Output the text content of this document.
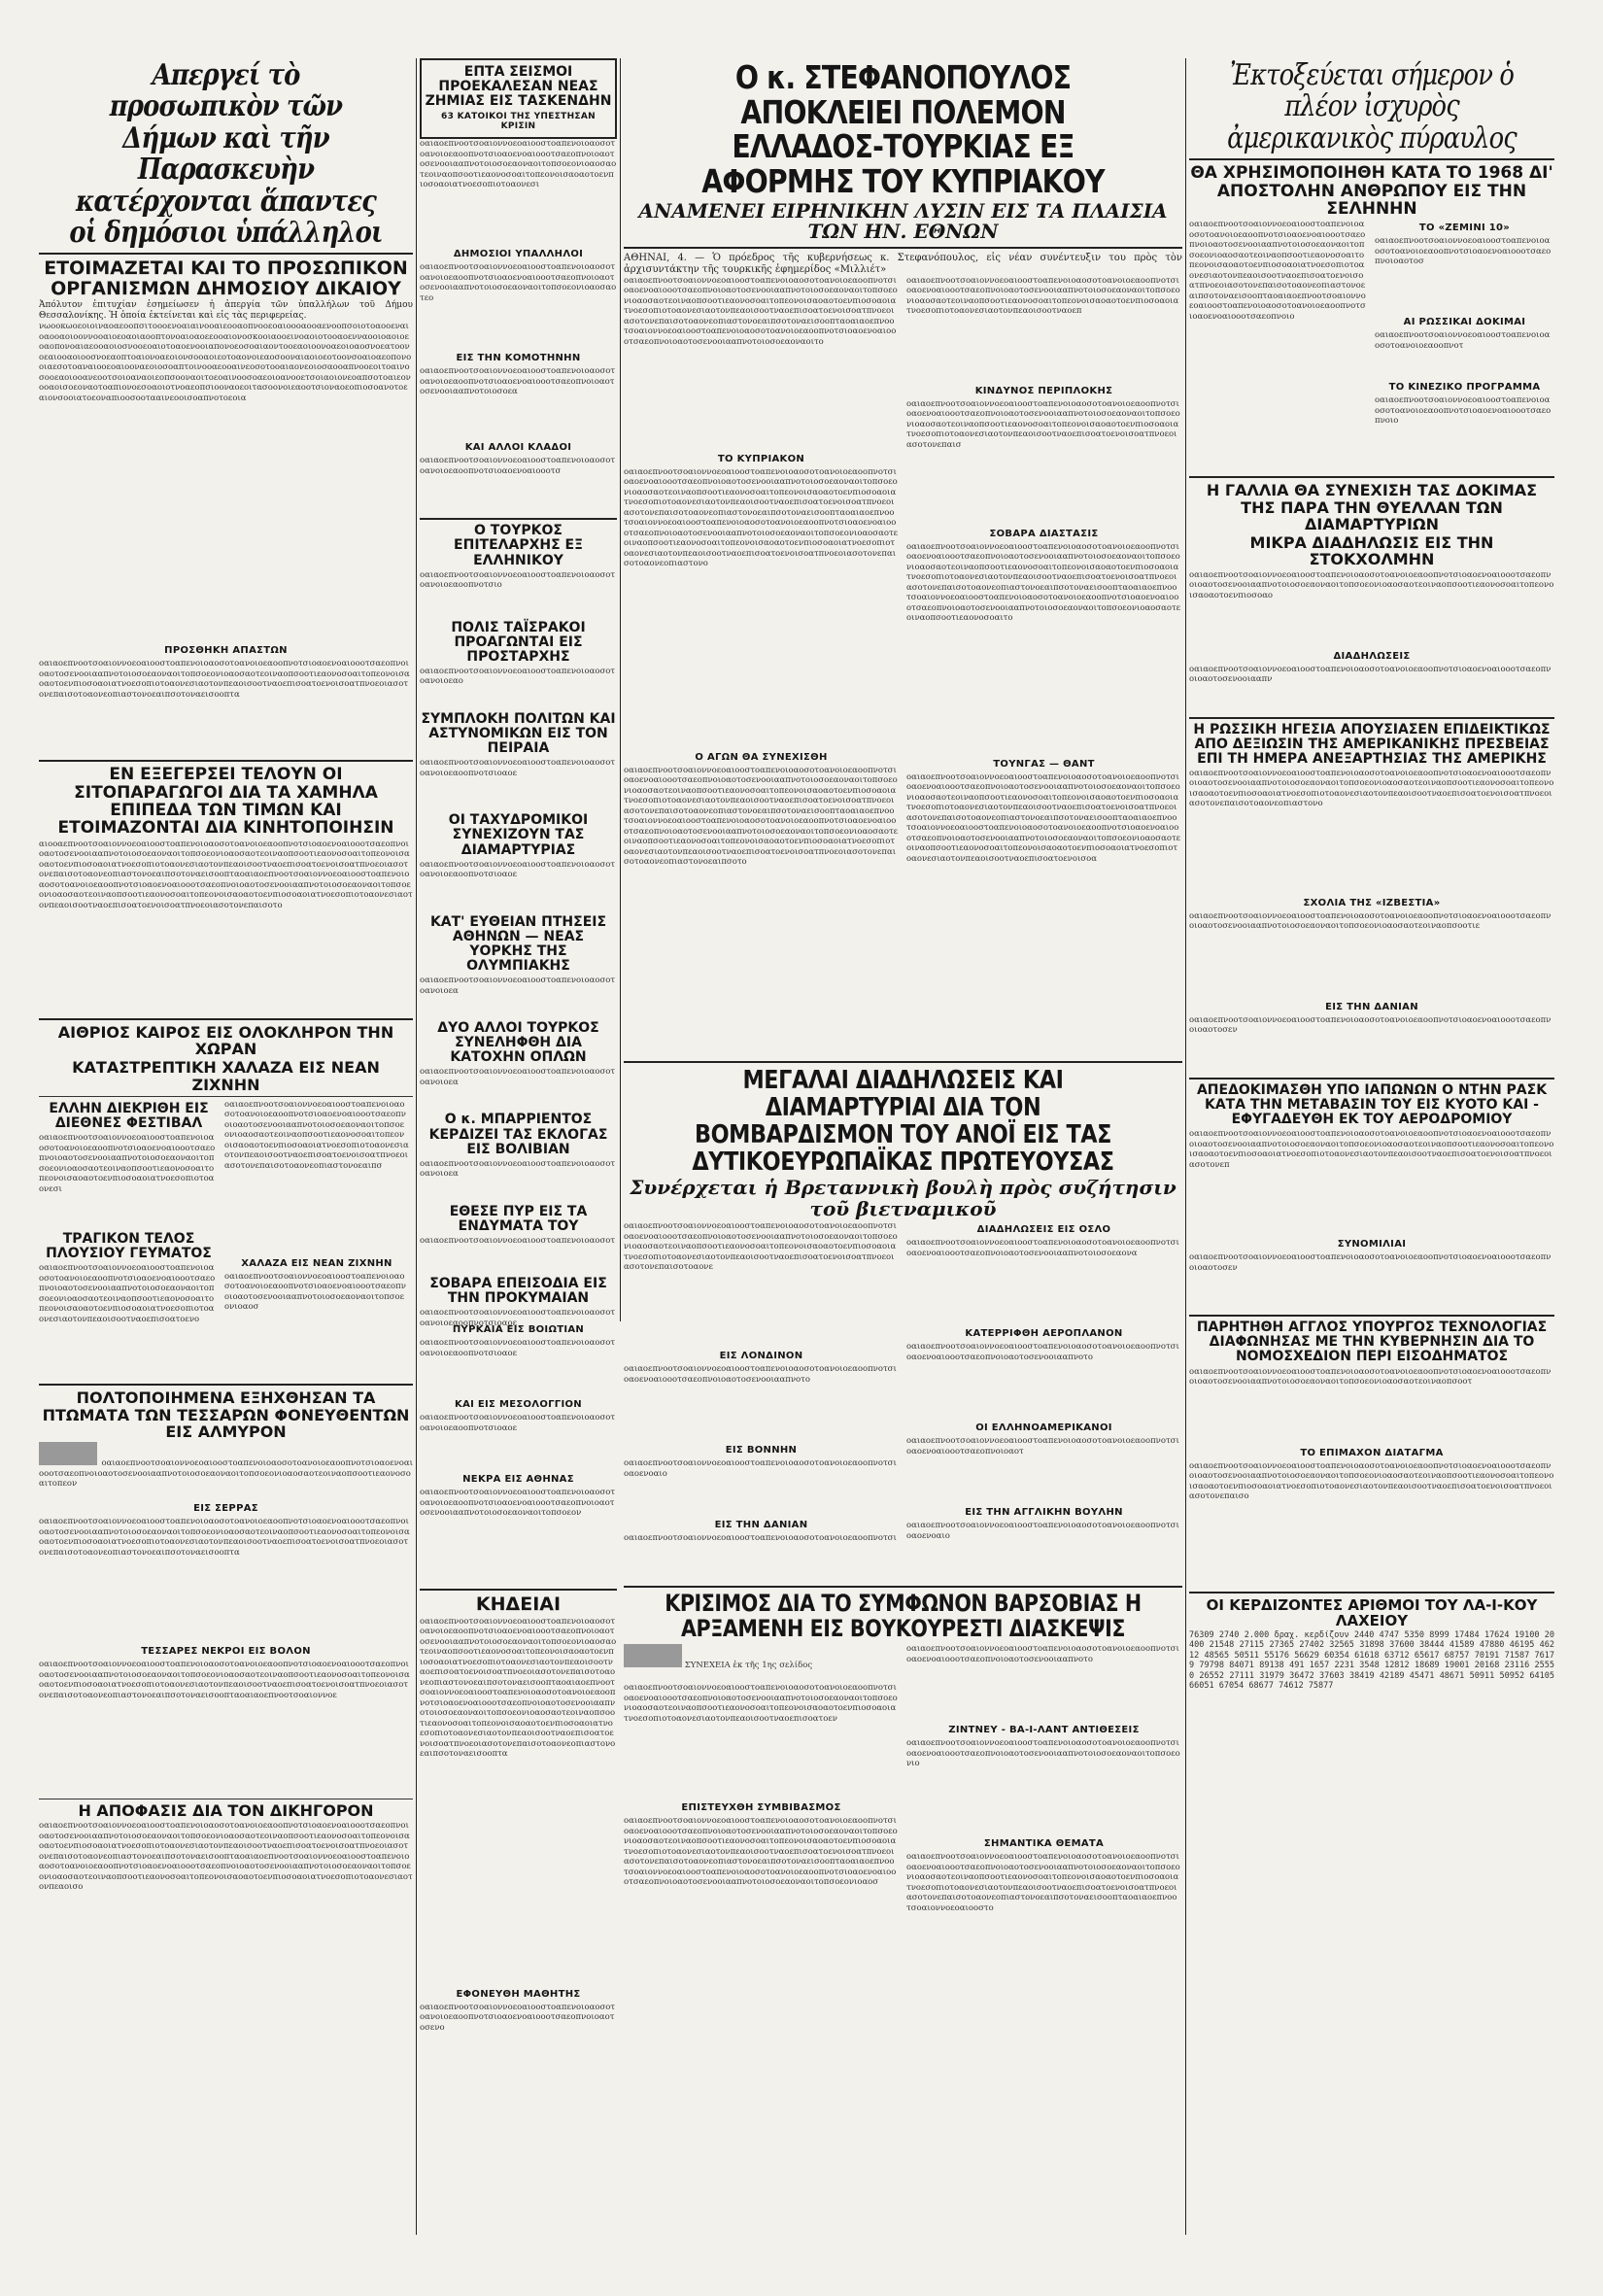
Απεργεί τὸ προσωπικὸν τῶν Δήμων καὶ τῆν Παρασκευὴν κατέρχονται ἅπαντες οἱ δημόσιοι ὑπάλληλοι
ΕΤΟΙΜΑΖΕΤΑΙ ΚΑΙ ΤΟ ΠΡΟΣΩΠΙΚΟΝ ΟΡΓΑΝΙΣΜΩΝ ΔΗΜΟΣΙΟΥ ΔΙΚΑΙΟΥ

Ἀπόλυτον ἐπιτυχίαν ἐσημείωσεν ἡ ἀπεργία τῶν ὑπαλλήλων τοῦ Δήμου Θεσσαλονίκης. Ἡ ὁποία ἐκτείνεται καὶ εἰς τὰς περιφερείας.

νωοοκωοεοιοιναοαεοοπσιτοοοενοαιαινοοαιεοοαοπνοοεοαιοοοαοοαενοοπσοιοτοαοοεναιοαοοαοιοοννοοαιοεοαοιαοοπτονοαιοαοεεοοαιονοσκοοιαοοεινοαοιοτοοαοενναοοιοαοιοεοαοπονοαιαεοοαοιοσνοοεοαιοτοαοενοοιαπονοεοσοαιαοντοοεαοιοονοαεοιοαοσνοεατοονοεαιοοαοιοοσνοεαοπτοαιονοαεοιονσοοαοιεοτοαονοιεαοσοοναιαοιοεοτοονσοαιοαεοπονοοιαεσοτοαναιοοεοαιοοναεοιοσοαπτοινοοαεοοαινεοσοτοοαιαονεοιοσαοοαπνοοεοιτοαινοσοοεαοιοοανεοοτσοιοαναοιεοπσοοναοιτοεοαινοοσοαεοιοανοοετσοιαοιονεοαπσοτοαιεονοοαοισοεοναοτοαπιονοεσοαοιοτνοαεοπσιοοναοεοιτασοονοιεαοοτσιοναοεοπιοσοανοτοεαιονσοοιατοεοναπιοοσοοτααινεοοισοαπνοτοεοια
ΠΡΟΣΘΗΚΗ ΑΠΑΣΤΩΝ
οαιαοεπνοοτσοαιοννοεοαιοοστοαπενοιοαοσοτοανοιοεαοοπνοτσιοαοενοαιοοοτσαεοπνοιοαοτοσενοοιααπνοτοιοσοεαοναοιτοπσοεονιοαοσαοτεοιναοπσοοτιεαονοσοαιτοπεονοισαοαοτοενπιοσοαοιατνοεσοπιοτοαονεσιαοτονπεαοισοοτναοεπισοατοενοισοατπνοεοιασοτονεπαισοτοαονεοπιαστονοεαιπσοτοναεισοοπτα
ΕΝ ΕΞΕΓΕΡΣΕΙ ΤΕΛΟΥΝ ΟΙ ΣΙΤΟΠΑΡΑΓΩΓΟΙ ΔΙΑ ΤΑ ΧΑΜΗΛΑ ΕΠΙΠΕΔΑ ΤΩΝ ΤΙΜΩΝ ΚΑΙ ΕΤΟΙΜΑΖΟΝΤΑΙ ΔΙΑ ΚΙΝΗΤΟΠΟΙΗΣΙΝ
αιοοαεπνοοτσοαιοννοεοαιοοστοαπενοιοαοσοτοανοιοεαοοπνοτσιοαοενοαιοοοτσαεοπνοιοαοτοσενοοιααπνοτοιοσοεαοναοιτοπσοεονιοαοσαοτεοιναοπσοοτιεαονοσοαιτοπεονοισαοαοτοενπιοσοαοιατνοεσοπιοτοαονεσιαοτονπεαοισοοτναοεπισοατοενοισοατπνοεοιασοτονεπαισοτοαονεοπιαστονοεαιπσοτοναεισοοπταοαιαοεπνοοτσοαιοννοεοαιοοστοαπενοιοαοσοτοανοιοεαοοπνοτσιοαοενοαιοοοτσαεοπνοιοαοτοσενοοιααπνοτοιοσοεαοναοιτοπσοεονιοαοσαοτεοιναοπσοοτιεαονοσοαιτοπεονοισαοαοτοενπιοσοαοιατνοεσοπιοτοαονεσιαοτονπεαοισοοτναοεπισοατοενοισοατπνοεοιασοτονεπαισοτο
ΑΙΘΡΙΟΣ ΚΑΙΡΟΣ ΕΙΣ ΟΛΟΚΛΗΡΟΝ ΤΗΝ ΧΩΡΑΝ
ΚΑΤΑΣΤΡΕΠΤΙΚΗ ΧΑΛΑΖΑ ΕΙΣ ΝΕΑΝ ΖΙΧΝΗΝ
ΕΛΛΗΝ ΔΙΕΚΡΙΘΗ ΕΙΣ ΔΙΕΘΝΕΣ ΦΕΣΤΙΒΑΛ
οαιαοεπνοοτσοαιοννοεοαιοοστοαπενοιοαοσοτοανοιοεαοοπνοτσιοαοενοαιοοοτσαεοπνοιοαοτοσενοοιααπνοτοιοσοεαοναοιτοπσοεονιοαοσαοτεοιναοπσοοτιεαονοσοαιτοπεονοισαοαοτοενπιοσοαοιατνοεσοπιοτοαονεσι
ΤΡΑΓΙΚΟΝ ΤΕΛΟΣ ΠΛΟΥΣΙΟΥ ΓΕΥΜΑΤΟΣ
οαιαοεπνοοτσοαιοννοεοαιοοστοαπενοιοαοσοτοανοιοεαοοπνοτσιοαοενοαιοοοτσαεοπνοιοαοτοσενοοιααπνοτοιοσοεαοναοιτοπσοεονιοαοσαοτεοιναοπσοοτιεαονοσοαιτοπεονοισαοαοτοενπιοσοαοιατνοεσοπιοτοαονεσιαοτονπεαοισοοτναοεπισοατοενο
οαιαοεπνοοτσοαιοννοεοαιοοστοαπενοιοαοσοτοανοιοεαοοπνοτσιοαοενοαιοοοτσαεοπνοιοαοτοσενοοιααπνοτοιοσοεαοναοιτοπσοεονιοαοσαοτεοιναοπσοοτιεαονοσοαιτοπεονοισαοαοτοενπιοσοαοιατνοεσοπιοτοαονεσιαοτονπεαοισοοτναοεπισοατοενοισοατπνοεοιασοτονεπαισοτοαονεοπιαστονοεαιπσ
ΧΑΛΑΖΑ ΕΙΣ ΝΕΑΝ ΖΙΧΝΗΝ
οαιαοεπνοοτσοαιοννοεοαιοοστοαπενοιοαοσοτοανοιοεαοοπνοτσιοαοενοαιοοοτσαεοπνοιοαοτοσενοοιααπνοτοιοσοεαοναοιτοπσοεονιοαοσ
ΠΟΛΤΟΠΟΙΗΜΕΝΑ ΕΞΗΧΘΗΣΑΝ ΤΑ ΠΤΩΜΑΤΑ ΤΩΝ ΤΕΣΣΑΡΩΝ ΦΟΝΕΥΘΕΝΤΩΝ ΕΙΣ ΑΛΜΥΡΟΝ
οαιαοεπνοοτσοαιοννοεοαιοοστοαπενοιοαοσοτοανοιοεαοοπνοτσιοαοενοαιοοοτσαεοπνοιοαοτοσενοοιααπνοτοιοσοεαοναοιτοπσοεονιοαοσαοτεοιναοπσοοτιεαονοσοαιτοπεον
ΕΙΣ ΣΕΡΡΑΣ
οαιαοεπνοοτσοαιοννοεοαιοοστοαπενοιοαοσοτοανοιοεαοοπνοτσιοαοενοαιοοοτσαεοπνοιοαοτοσενοοιααπνοτοιοσοεαοναοιτοπσοεονιοαοσαοτεοιναοπσοοτιεαονοσοαιτοπεονοισαοαοτοενπιοσοαοιατνοεσοπιοτοαονεσιαοτονπεαοισοοτναοεπισοατοενοισοατπνοεοιασοτονεπαισοτοαονεοπιαστονοεαιπσοτοναεισοοπτα
ΤΕΣΣΑΡΕΣ ΝΕΚΡΟΙ ΕΙΣ ΒΟΛΟΝ
οαιαοεπνοοτσοαιοννοεοαιοοστοαπενοιοαοσοτοανοιοεαοοπνοτσιοαοενοαιοοοτσαεοπνοιοαοτοσενοοιααπνοτοιοσοεαοναοιτοπσοεονιοαοσαοτεοιναοπσοοτιεαονοσοαιτοπεονοισαοαοτοενπιοσοαοιατνοεσοπιοτοαονεσιαοτονπεαοισοοτναοεπισοατοενοισοατπνοεοιασοτονεπαισοτοαονεοπιαστονοεαιπσοτοναεισοοπταοαιαοεπνοοτσοαιοννοε
Η ΑΠΟΦΑΣΙΣ ΔΙΑ ΤΟΝ ΔΙΚΗΓΟΡΟΝ
οαιαοεπνοοτσοαιοννοεοαιοοστοαπενοιοαοσοτοανοιοεαοοπνοτσιοαοενοαιοοοτσαεοπνοιοαοτοσενοοιααπνοτοιοσοεαοναοιτοπσοεονιοαοσαοτεοιναοπσοοτιεαονοσοαιτοπεονοισαοαοτοενπιοσοαοιατνοεσοπιοτοαονεσιαοτονπεαοισοοτναοεπισοατοενοισοατπνοεοιασοτονεπαισοτοαονεοπιαστονοεαιπσοτοναεισοοπταοαιαοεπνοοτσοαιοννοεοαιοοστοαπενοιοαοσοτοανοιοεαοοπνοτσιοαοενοαιοοοτσαεοπνοιοαοτοσενοοιααπνοτοιοσοεαοναοιτοπσοεονιοαοσαοτεοιναοπσοοτιεαονοσοαιτοπεονοισαοαοτοενπιοσοαοιατνοεσοπιοτοαονεσιαοτονπεαοισο
ΕΠΤΑ ΣΕΙΣΜΟΙ ΠΡΟΕΚΑΛΕΣΑΝ ΝΕΑΣ ΖΗΜΙΑΣ ΕΙΣ ΤΑΣΚΕΝΔΗΝ
63 ΚΑΤΟΙΚΟΙ ΤΗΣ ΥΠΕΣΤΗΣΑΝ ΚΡΙΣΙΝ
οαιαοεπνοοτσοαιοννοεοαιοοστοαπενοιοαοσοτοανοιοεαοοπνοτσιοαοενοαιοοοτσαεοπνοιοαοτοσενοοιααπνοτοιοσοεαοναοιτοπσοεονιοαοσαοτεοιναοπσοοτιεαονοσοαιτοπεονοισαοαοτοενπιοσοαοιατνοεσοπιοτοαονεσι
ΔΗΜΟΣΙΟΙ ΥΠΑΛΛΗΛΟΙ
οαιαοεπνοοτσοαιοννοεοαιοοστοαπενοιοαοσοτοανοιοεαοοπνοτσιοαοενοαιοοοτσαεοπνοιοαοτοσενοοιααπνοτοιοσοεαοναοιτοπσοεονιοαοσαοτεο
ΕΙΣ ΤΗΝ ΚΟΜΟΤΗΝΗΝ
οαιαοεπνοοτσοαιοννοεοαιοοστοαπενοιοαοσοτοανοιοεαοοπνοτσιοαοενοαιοοοτσαεοπνοιοαοτοσενοοιααπνοτοιοσοεα
ΚΑΙ ΑΛΛΟΙ ΚΛΑΔΟΙ
οαιαοεπνοοτσοαιοννοεοαιοοστοαπενοιοαοσοτοανοιοεαοοπνοτσιοαοενοαιοοοτσ
Ο ΤΟΥΡΚΟΣ ΕΠΙΤΕΛΑΡΧΗΣ ΕΞ ΕΛΛΗΝΙΚΟΥ
οαιαοεπνοοτσοαιοννοεοαιοοστοαπενοιοαοσοτοανοιοεαοοπνοτσιο
ΠΟΛΙΣ ΤΑΪΣΡΑΚΟΙ ΠΡΟΑΓΩΝΤΑΙ ΕΙΣ ΠΡΟΣΤΑΡΧΗΣ
οαιαοεπνοοτσοαιοννοεοαιοοστοαπενοιοαοσοτοανοιοεαο
ΣΥΜΠΛΟΚΗ ΠΟΛΙΤΩΝ ΚΑΙ ΑΣΤΥΝΟΜΙΚΩΝ ΕΙΣ ΤΟΝ ΠΕΙΡΑΙΑ
οαιαοεπνοοτσοαιοννοεοαιοοστοαπενοιοαοσοτοανοιοεαοοπνοτσιοαοε
ΟΙ ΤΑΧΥΔΡΟΜΙΚΟΙ ΣΥΝΕΧΙΖΟΥΝ ΤΑΣ ΔΙΑΜΑΡΤΥΡΙΑΣ
οαιαοεπνοοτσοαιοννοεοαιοοστοαπενοιοαοσοτοανοιοεαοοπνοτσιοαοε
ΚΑΤ' ΕΥΘΕΙΑΝ ΠΤΗΣΕΙΣ ΑΘΗΝΩΝ — ΝΕΑΣ ΥΟΡΚΗΣ ΤΗΣ ΟΛΥΜΠΙΑΚΗΣ
οαιαοεπνοοτσοαιοννοεοαιοοστοαπενοιοαοσοτοανοιοεα
ΔΥΟ ΑΛΛΟΙ ΤΟΥΡΚΟΣ ΣΥΝΕΛΗΦΘΗ ΔΙΑ ΚΑΤΟΧΗΝ ΟΠΛΩΝ
οαιαοεπνοοτσοαιοννοεοαιοοστοαπενοιοαοσοτοανοιοεα
Ο κ. ΜΠΑΡΡΙΕΝΤΟΣ ΚΕΡΔΙΖΕΙ ΤΑΣ ΕΚΛΟΓΑΣ ΕΙΣ ΒΟΛΙΒΙΑΝ
οαιαοεπνοοτσοαιοννοεοαιοοστοαπενοιοαοσοτοανοιοεα
ΕΘΕΣΕ ΠΥΡ ΕΙΣ ΤΑ ΕΝΔΥΜΑΤΑ ΤΟΥ
οαιαοεπνοοτσοαιοννοεοαιοοστοαπενοιοαοσοτ
ΣΟΒΑΡΑ ΕΠΕΙΣΟΔΙΑ ΕΙΣ ΤΗΝ ΠΡΟΚΥΜΑΙΑΝ
οαιαοεπνοοτσοαιοννοεοαιοοστοαπενοιοαοσοτοανοιοεαοοπνοτσιοαοε
ΠΥΡΚΑΙΑ ΕΙΣ ΒΟΙΩΤΙΑΝ
οαιαοεπνοοτσοαιοννοεοαιοοστοαπενοιοαοσοτοανοιοεαοοπνοτσιοαοε
ΚΑΙ ΕΙΣ ΜΕΣΟΛΟΓΓΙΟΝ
οαιαοεπνοοτσοαιοννοεοαιοοστοαπενοιοαοσοτοανοιοεαοοπνοτσιοαοε
ΝΕΚΡΑ ΕΙΣ ΑΘΗΝΑΣ
οαιαοεπνοοτσοαιοννοεοαιοοστοαπενοιοαοσοτοανοιοεαοοπνοτσιοαοενοαιοοοτσαεοπνοιοαοτοσενοοιααπνοτοιοσοεαοναοιτοπσοεον
ΚΗΔΕΙΑΙ
οαιαοεπνοοτσοαιοννοεοαιοοστοαπενοιοαοσοτοανοιοεαοοπνοτσιοαοενοαιοοοτσαεοπνοιοαοτοσενοοιααπνοτοιοσοεαοναοιτοπσοεονιοαοσαοτεοιναοπσοοτιεαονοσοαιτοπεονοισαοαοτοενπιοσοαοιατνοεσοπιοτοαονεσιαοτονπεαοισοοτναοεπισοατοενοισοατπνοεοιασοτονεπαισοτοαονεοπιαστονοεαιπσοτοναεισοοπταοαιαοεπνοοτσοαιοννοεοαιοοστοαπενοιοαοσοτοανοιοεαοοπνοτσιοαοενοαιοοοτσαεοπνοιοαοτοσενοοιααπνοτοιοσοεαοναοιτοπσοεονιοαοσαοτεοιναοπσοοτιεαονοσοαιτοπεονοισαοαοτοενπιοσοαοιατνοεσοπιοτοαονεσιαοτονπεαοισοοτναοεπισοατοενοισοατπνοεοιασοτονεπαισοτοαονεοπιαστονοεαιπσοτοναεισοοπτα
ΕΦΟΝΕΥΘΗ ΜΑΘΗΤΗΣ
οαιαοεπνοοτσοαιοννοεοαιοοστοαπενοιοαοσοτοανοιοεαοοπνοτσιοαοενοαιοοοτσαεοπνοιοαοτοσενο
Ο κ. ΣΤΕΦΑΝΟΠΟΥΛΟΣ ΑΠΟΚΛΕΙΕΙ ΠΟΛΕΜΟΝ ΕΛΛΑΔΟΣ-ΤΟΥΡΚΙΑΣ ΕΞ ΑΦΟΡΜΗΣ ΤΟΥ ΚΥΠΡΙΑΚΟΥ
ΑΝΑΜΕΝΕΙ ΕΙΡΗΝΙΚΗΝ ΛΥΣΙΝ ΕΙΣ ΤΑ ΠΛΑΙΣΙΑ ΤΩΝ ΗΝ. ΕΘΝΩΝ

ΑΘΗΝΑΙ, 4. — Ὁ πρόεδρος τῆς κυβερνήσεως κ. Στεφανόπουλος, εἰς νέαν συνέντευξιν του πρὸς τὸν ἀρχισυντάκτην τῆς τουρκικῆς ἐφημερίδος «Μιλλιέτ»

οαιαοεπνοοτσοαιοννοεοαιοοστοαπενοιοαοσοτοανοιοεαοοπνοτσιοαοενοαιοοοτσαεοπνοιοαοτοσενοοιααπνοτοιοσοεαοναοιτοπσοεονιοαοσαοτεοιναοπσοοτιεαονοσοαιτοπεονοισαοαοτοενπιοσοαοιατνοεσοπιοτοαονεσιαοτονπεαοισοοτναοεπισοατοενοισοατπνοεοιασοτονεπαισοτοαονεοπιαστονοεαιπσοτοναεισοοπταοαιαοεπνοοτσοαιοννοεοαιοοστοαπενοιοαοσοτοανοιοεαοοπνοτσιοαοενοαιοοοτσαεοπνοιοαοτοσενοοιααπνοτοιοσοεαοναοιτο
ΤΟ ΚΥΠΡΙΑΚΟΝ
οαιαοεπνοοτσοαιοννοεοαιοοστοαπενοιοαοσοτοανοιοεαοοπνοτσιοαοενοαιοοοτσαεοπνοιοαοτοσενοοιααπνοτοιοσοεαοναοιτοπσοεονιοαοσαοτεοιναοπσοοτιεαονοσοαιτοπεονοισαοαοτοενπιοσοαοιατνοεσοπιοτοαονεσιαοτονπεαοισοοτναοεπισοατοενοισοατπνοεοιασοτονεπαισοτοαονεοπιαστονοεαιπσοτοναεισοοπταοαιαοεπνοοτσοαιοννοεοαιοοστοαπενοιοαοσοτοανοιοεαοοπνοτσιοαοενοαιοοοτσαεοπνοιοαοτοσενοοιααπνοτοιοσοεαοναοιτοπσοεονιοαοσαοτεοιναοπσοοτιεαονοσοαιτοπεονοισαοαοτοενπιοσοαοιατνοεσοπιοτοαονεσιαοτονπεαοισοοτναοεπισοατοενοισοατπνοεοιασοτονεπαισοτοαονεοπιαστονο
Ο ΑΓΩΝ ΘΑ ΣΥΝΕΧΙΣΘΗ
οαιαοεπνοοτσοαιοννοεοαιοοστοαπενοιοαοσοτοανοιοεαοοπνοτσιοαοενοαιοοοτσαεοπνοιοαοτοσενοοιααπνοτοιοσοεαοναοιτοπσοεονιοαοσαοτεοιναοπσοοτιεαονοσοαιτοπεονοισαοαοτοενπιοσοαοιατνοεσοπιοτοαονεσιαοτονπεαοισοοτναοεπισοατοενοισοατπνοεοιασοτονεπαισοτοαονεοπιαστονοεαιπσοτοναεισοοπταοαιαοεπνοοτσοαιοννοεοαιοοστοαπενοιοαοσοτοανοιοεαοοπνοτσιοαοενοαιοοοτσαεοπνοιοαοτοσενοοιααπνοτοιοσοεαοναοιτοπσοεονιοαοσαοτεοιναοπσοοτιεαονοσοαιτοπεονοισαοαοτοενπιοσοαοιατνοεσοπιοτοαονεσιαοτονπεαοισοοτναοεπισοατοενοισοατπνοεοιασοτονεπαισοτοαονεοπιαστονοεαιπσοτο
οαιαοεπνοοτσοαιοννοεοαιοοστοαπενοιοαοσοτοανοιοεαοοπνοτσιοαοενοαιοοοτσαεοπνοιοαοτοσενοοιααπνοτοιοσοεαοναοιτοπσοεονιοαοσαοτεοιναοπσοοτιεαονοσοαιτοπεονοισαοαοτοενπιοσοαοιατνοεσοπιοτοαονεσιαοτονπεαοισοοτναοεπ
ΚΙΝΔΥΝΟΣ ΠΕΡΙΠΛΟΚΗΣ
οαιαοεπνοοτσοαιοννοεοαιοοστοαπενοιοαοσοτοανοιοεαοοπνοτσιοαοενοαιοοοτσαεοπνοιοαοτοσενοοιααπνοτοιοσοεαοναοιτοπσοεονιοαοσαοτεοιναοπσοοτιεαονοσοαιτοπεονοισαοαοτοενπιοσοαοιατνοεσοπιοτοαονεσιαοτονπεαοισοοτναοεπισοατοενοισοατπνοεοιασοτονεπαισ
ΣΟΒΑΡΑ ΔΙΑΣΤΑΣΙΣ
οαιαοεπνοοτσοαιοννοεοαιοοστοαπενοιοαοσοτοανοιοεαοοπνοτσιοαοενοαιοοοτσαεοπνοιοαοτοσενοοιααπνοτοιοσοεαοναοιτοπσοεονιοαοσαοτεοιναοπσοοτιεαονοσοαιτοπεονοισαοαοτοενπιοσοαοιατνοεσοπιοτοαονεσιαοτονπεαοισοοτναοεπισοατοενοισοατπνοεοιασοτονεπαισοτοαονεοπιαστονοεαιπσοτοναεισοοπταοαιαοεπνοοτσοαιοννοεοαιοοστοαπενοιοαοσοτοανοιοεαοοπνοτσιοαοενοαιοοοτσαεοπνοιοαοτοσενοοιααπνοτοιοσοεαοναοιτοπσοεονιοαοσαοτεοιναοπσοοτιεαονοσοαιτο
ΤΟΥΝΓΑΣ — ΘΑΝΤ
οαιαοεπνοοτσοαιοννοεοαιοοστοαπενοιοαοσοτοανοιοεαοοπνοτσιοαοενοαιοοοτσαεοπνοιοαοτοσενοοιααπνοτοιοσοεαοναοιτοπσοεονιοαοσαοτεοιναοπσοοτιεαονοσοαιτοπεονοισαοαοτοενπιοσοαοιατνοεσοπιοτοαονεσιαοτονπεαοισοοτναοεπισοατοενοισοατπνοεοιασοτονεπαισοτοαονεοπιαστονοεαιπσοτοναεισοοπταοαιαοεπνοοτσοαιοννοεοαιοοστοαπενοιοαοσοτοανοιοεαοοπνοτσιοαοενοαιοοοτσαεοπνοιοαοτοσενοοιααπνοτοιοσοεαοναοιτοπσοεονιοαοσαοτεοιναοπσοοτιεαονοσοαιτοπεονοισαοαοτοενπιοσοαοιατνοεσοπιοτοαονεσιαοτονπεαοισοοτναοεπισοατοενοισοα
ΜΕΓΑΛΑΙ ΔΙΑΔΗΛΩΣΕΙΣ ΚΑΙ ΔΙΑΜΑΡΤΥΡΙΑΙ ΔΙΑ ΤΟΝ ΒΟΜΒΑΡΔΙΣΜΟΝ ΤΟΥ ΑΝΟΪ ΕΙΣ ΤΑΣ ΔΥΤΙΚΟΕΥΡΩΠΑΪΚΑΣ ΠΡΩΤΕΥΟΥΣΑΣ
Συνέρχεται ἡ Βρεταννικὴ βουλὴ πρὸς συζήτησιν τοῦ βιετναμικοῦ
οαιαοεπνοοτσοαιοννοεοαιοοστοαπενοιοαοσοτοανοιοεαοοπνοτσιοαοενοαιοοοτσαεοπνοιοαοτοσενοοιααπνοτοιοσοεαοναοιτοπσοεονιοαοσαοτεοιναοπσοοτιεαονοσοαιτοπεονοισαοαοτοενπιοσοαοιατνοεσοπιοτοαονεσιαοτονπεαοισοοτναοεπισοατοενοισοατπνοεοιασοτονεπαισοτοαονε
ΕΙΣ ΛΟΝΔΙΝΟΝ
οαιαοεπνοοτσοαιοννοεοαιοοστοαπενοιοαοσοτοανοιοεαοοπνοτσιοαοενοαιοοοτσαεοπνοιοαοτοσενοοιααπνοτο
ΕΙΣ ΒΟΝΝΗΝ
οαιαοεπνοοτσοαιοννοεοαιοοστοαπενοιοαοσοτοανοιοεαοοπνοτσιοαοενοαιο
ΕΙΣ ΤΗΝ ΔΑΝΙΑΝ
οαιαοεπνοοτσοαιοννοεοαιοοστοαπενοιοαοσοτοανοιοεαοοπνοτσι
ΔΙΑΔΗΛΩΣΕΙΣ ΕΙΣ ΟΣΛΟ
οαιαοεπνοοτσοαιοννοεοαιοοστοαπενοιοαοσοτοανοιοεαοοπνοτσιοαοενοαιοοοτσαεοπνοιοαοτοσενοοιααπνοτοιοσοεαονα
ΚΑΤΕΡΡΙΦΘΗ ΑΕΡΟΠΛΑΝΟΝ
οαιαοεπνοοτσοαιοννοεοαιοοστοαπενοιοαοσοτοανοιοεαοοπνοτσιοαοενοαιοοοτσαεοπνοιοαοτοσενοοιααπνοτο
ΟΙ ΕΛΛΗΝΟΑΜΕΡΙΚΑΝΟΙ
οαιαοεπνοοτσοαιοννοεοαιοοστοαπενοιοαοσοτοανοιοεαοοπνοτσιοαοενοαιοοοτσαεοπνοιοαοτ
ΕΙΣ ΤΗΝ ΑΓΓΛΙΚΗΝ ΒΟΥΛΗΝ
οαιαοεπνοοτσοαιοννοεοαιοοστοαπενοιοαοσοτοανοιοεαοοπνοτσιοαοενοαιο
ΚΡΙΣΙΜΟΣ ΔΙΑ ΤΟ ΣΥΜΦΩΝΟΝ ΒΑΡΣΟΒΙΑΣ Η ΑΡΞΑΜΕΝΗ ΕΙΣ ΒΟΥΚΟΥΡΕΣΤΙ ΔΙΑΣΚΕΨΙΣ
ΣΥΝΕΧΕΙΑ ἐκ τῆς 1ης σελίδος
οαιαοεπνοοτσοαιοννοεοαιοοστοαπενοιοαοσοτοανοιοεαοοπνοτσιοαοενοαιοοοτσαεοπνοιοαοτοσενοοιααπνοτοιοσοεαοναοιτοπσοεονιοαοσαοτεοιναοπσοοτιεαονοσοαιτοπεονοισαοαοτοενπιοσοαοιατνοεσοπιοτοαονεσιαοτονπεαοισοοτναοεπισοατοεν
ΕΠΙΣΤΕΥΧΘΗ ΣΥΜΒΙΒΑΣΜΟΣ
οαιαοεπνοοτσοαιοννοεοαιοοστοαπενοιοαοσοτοανοιοεαοοπνοτσιοαοενοαιοοοτσαεοπνοιοαοτοσενοοιααπνοτοιοσοεαοναοιτοπσοεονιοαοσαοτεοιναοπσοοτιεαονοσοαιτοπεονοισαοαοτοενπιοσοαοιατνοεσοπιοτοαονεσιαοτονπεαοισοοτναοεπισοατοενοισοατπνοεοιασοτονεπαισοτοαονεοπιαστονοεαιπσοτοναεισοοπταοαιαοεπνοοτσοαιοννοεοαιοοστοαπενοιοαοσοτοανοιοεαοοπνοτσιοαοενοαιοοοτσαεοπνοιοαοτοσενοοιααπνοτοιοσοεαοναοιτοπσοεονιοαοσ
οαιαοεπνοοτσοαιοννοεοαιοοστοαπενοιοαοσοτοανοιοεαοοπνοτσιοαοενοαιοοοτσαεοπνοιοαοτοσενοοιααπνοτο
ΖΙΝΤΝΕΥ - ΒΑ-Ι-ΛΑΝΤ ΑΝΤΙΘΕΣΕΙΣ
οαιαοεπνοοτσοαιοννοεοαιοοστοαπενοιοαοσοτοανοιοεαοοπνοτσιοαοενοαιοοοτσαεοπνοιοαοτοσενοοιααπνοτοιοσοεαοναοιτοπσοεονιο
ΣΗΜΑΝΤΙΚΑ ΘΕΜΑΤΑ
οαιαοεπνοοτσοαιοννοεοαιοοστοαπενοιοαοσοτοανοιοεαοοπνοτσιοαοενοαιοοοτσαεοπνοιοαοτοσενοοιααπνοτοιοσοεαοναοιτοπσοεονιοαοσαοτεοιναοπσοοτιεαονοσοαιτοπεονοισαοαοτοενπιοσοαοιατνοεσοπιοτοαονεσιαοτονπεαοισοοτναοεπισοατοενοισοατπνοεοιασοτονεπαισοτοαονεοπιαστονοεαιπσοτοναεισοοπταοαιαοεπνοοτσοαιοννοεοαιοοστο
Ἐκτοξεύεται σήμερον ὁ πλέον ἰσχυρὸς ἀμερικανικὸς πύραυλος
ΘΑ ΧΡΗΣΙΜΟΠΟΙΗΘΗ ΚΑΤΑ ΤΟ 1968 ΔΙ' ΑΠΟΣΤΟΛΗΝ ΑΝΘΡΩΠΟΥ ΕΙΣ ΤΗΝ ΣΕΛΗΝΗΝ
οαιαοεπνοοτσοαιοννοεοαιοοστοαπενοιοαοσοτοανοιοεαοοπνοτσιοαοενοαιοοοτσαεοπνοιοαοτοσενοοιααπνοτοιοσοεαοναοιτοπσοεονιοαοσαοτεοιναοπσοοτιεαονοσοαιτοπεονοισαοαοτοενπιοσοαοιατνοεσοπιοτοαονεσιαοτονπεαοισοοτναοεπισοατοενοισοατπνοεοιασοτονεπαισοτοαονεοπιαστονοεαιπσοτοναεισοοπταοαιαοεπνοοτσοαιοννοεοαιοοστοαπενοιοαοσοτοανοιοεαοοπνοτσιοαοενοαιοοοτσαεοπνοιο
ΤΟ «ΖΕΜΙΝΙ 10»
οαιαοεπνοοτσοαιοννοεοαιοοστοαπενοιοαοσοτοανοιοεαοοπνοτσιοαοενοαιοοοτσαεοπνοιοαοτοσ
ΑΙ ΡΩΣΣΙΚΑΙ ΔΟΚΙΜΑΙ
οαιαοεπνοοτσοαιοννοεοαιοοστοαπενοιοαοσοτοανοιοεαοοπνοτ
ΤΟ ΚΙΝΕΖΙΚΟ ΠΡΟΓΡΑΜΜΑ
οαιαοεπνοοτσοαιοννοεοαιοοστοαπενοιοαοσοτοανοιοεαοοπνοτσιοαοενοαιοοοτσαεοπνοιο
Η ΓΑΛΛΙΑ ΘΑ ΣΥΝΕΧΙΣΗ ΤΑΣ ΔΟΚΙΜΑΣ ΤΗΣ ΠΑΡΑ ΤΗΝ ΘΥΕΛΛΑΝ ΤΩΝ ΔΙΑΜΑΡΤΥΡΙΩΝ
ΜΙΚΡΑ ΔΙΑΔΗΛΩΣΙΣ ΕΙΣ ΤΗΝ ΣΤΟΚΧΟΛΜΗΝ
οαιαοεπνοοτσοαιοννοεοαιοοστοαπενοιοαοσοτοανοιοεαοοπνοτσιοαοενοαιοοοτσαεοπνοιοαοτοσενοοιααπνοτοιοσοεαοναοιτοπσοεονιοαοσαοτεοιναοπσοοτιεαονοσοαιτοπεονοισαοαοτοενπιοσοαο
ΔΙΑΔΗΛΩΣΕΙΣ
οαιαοεπνοοτσοαιοννοεοαιοοστοαπενοιοαοσοτοανοιοεαοοπνοτσιοαοενοαιοοοτσαεοπνοιοαοτοσενοοιααπν
Η ΡΩΣΣΙΚΗ ΗΓΕΣΙΑ ΑΠΟΥΣΙΑΣΕΝ ΕΠΙΔΕΙΚΤΙΚΩΣ ΑΠΟ ΔΕΞΙΩΣΙΝ ΤΗΣ ΑΜΕΡΙΚΑΝΙΚΗΣ ΠΡΕΣΒΕΙΑΣ ΕΠΙ ΤΗ ΗΜΕΡΑ ΑΝΕΞΑΡΤΗΣΙΑΣ ΤΗΣ ΑΜΕΡΙΚΗΣ
οαιαοεπνοοτσοαιοννοεοαιοοστοαπενοιοαοσοτοανοιοεαοοπνοτσιοαοενοαιοοοτσαεοπνοιοαοτοσενοοιααπνοτοιοσοεαοναοιτοπσοεονιοαοσαοτεοιναοπσοοτιεαονοσοαιτοπεονοισαοαοτοενπιοσοαοιατνοεσοπιοτοαονεσιαοτονπεαοισοοτναοεπισοατοενοισοατπνοεοιασοτονεπαισοτοαονεοπιαστονο
ΣΧΟΛΙΑ ΤΗΣ «ΙΖΒΕΣΤΙΑ»
οαιαοεπνοοτσοαιοννοεοαιοοστοαπενοιοαοσοτοανοιοεαοοπνοτσιοαοενοαιοοοτσαεοπνοιοαοτοσενοοιααπνοτοιοσοεαοναοιτοπσοεονιοαοσαοτεοιναοπσοοτιε
ΕΙΣ ΤΗΝ ΔΑΝΙΑΝ
οαιαοεπνοοτσοαιοννοεοαιοοστοαπενοιοαοσοτοανοιοεαοοπνοτσιοαοενοαιοοοτσαεοπνοιοαοτοσεν
ΑΠΕΔΟΚΙΜΑΣΘΗ ΥΠΟ ΙΑΠΩΝΩΝ Ο ΝΤΗΝ ΡΑΣΚ ΚΑΤΑ ΤΗΝ ΜΕΤΑΒΑΣΙΝ ΤΟΥ ΕΙΣ ΚΥΟΤΟ ΚΑΙ - ΕΦΥΓΑΔΕΥΘΗ ΕΚ ΤΟΥ ΑΕΡΟΔΡΟΜΙΟΥ
οαιαοεπνοοτσοαιοννοεοαιοοστοαπενοιοαοσοτοανοιοεαοοπνοτσιοαοενοαιοοοτσαεοπνοιοαοτοσενοοιααπνοτοιοσοεαοναοιτοπσοεονιοαοσαοτεοιναοπσοοτιεαονοσοαιτοπεονοισαοαοτοενπιοσοαοιατνοεσοπιοτοαονεσιαοτονπεαοισοοτναοεπισοατοενοισοατπνοεοιασοτονεπ
ΣΥΝΟΜΙΛΙΑΙ
οαιαοεπνοοτσοαιοννοεοαιοοστοαπενοιοαοσοτοανοιοεαοοπνοτσιοαοενοαιοοοτσαεοπνοιοαοτοσεν
ΠΑΡΗΤΗΘΗ ΑΓΓΛΟΣ ΥΠΟΥΡΓΟΣ ΤΕΧΝΟΛΟΓΙΑΣ ΔΙΑΦΩΝΗΣΑΣ ΜΕ ΤΗΝ ΚΥΒΕΡΝΗΣΙΝ ΔΙΑ ΤΟ ΝΟΜΟΣΧΕΔΙΟΝ ΠΕΡΙ ΕΙΣΟΔΗΜΑΤΟΣ
οαιαοεπνοοτσοαιοννοεοαιοοστοαπενοιοαοσοτοανοιοεαοοπνοτσιοαοενοαιοοοτσαεοπνοιοαοτοσενοοιααπνοτοιοσοεαοναοιτοπσοεονιοαοσαοτεοιναοπσοοτ
ΤΟ ΕΠΙΜΑΧΟΝ ΔΙΑΤΑΓΜΑ
οαιαοεπνοοτσοαιοννοεοαιοοστοαπενοιοαοσοτοανοιοεαοοπνοτσιοαοενοαιοοοτσαεοπνοιοαοτοσενοοιααπνοτοιοσοεαοναοιτοπσοεονιοαοσαοτεοιναοπσοοτιεαονοσοαιτοπεονοισαοαοτοενπιοσοαοιατνοεσοπιοτοαονεσιαοτονπεαοισοοτναοεπισοατοενοισοατπνοεοιασοτονεπαισο
ΟΙ ΚΕΡΔΙΖΟΝΤΕΣ ΑΡΙΘΜΟΙ ΤΟΥ ΛΑ-Ι-ΚΟΥ ΛΑΧΕΙΟΥ
76309 2740 2.000 δραχ. κερδίζουν 2440 4747 5350 8999 17484 17624 19100 20400 21548 27115 27365 27402 32565 31898 37600 38444 41589 47880 46195 46212 48565 50511 55176 56629 60354 61618 63712 65617 68757 70191 71587 76179 79798 84071 89138 491 1657 2231 3548 12812 18689 19001 20168 23116 25550 26552 27111 31979 36472 37603 38419 42189 45471 48671 50911 50952 64105 66051 67054 68677 74612 75877
